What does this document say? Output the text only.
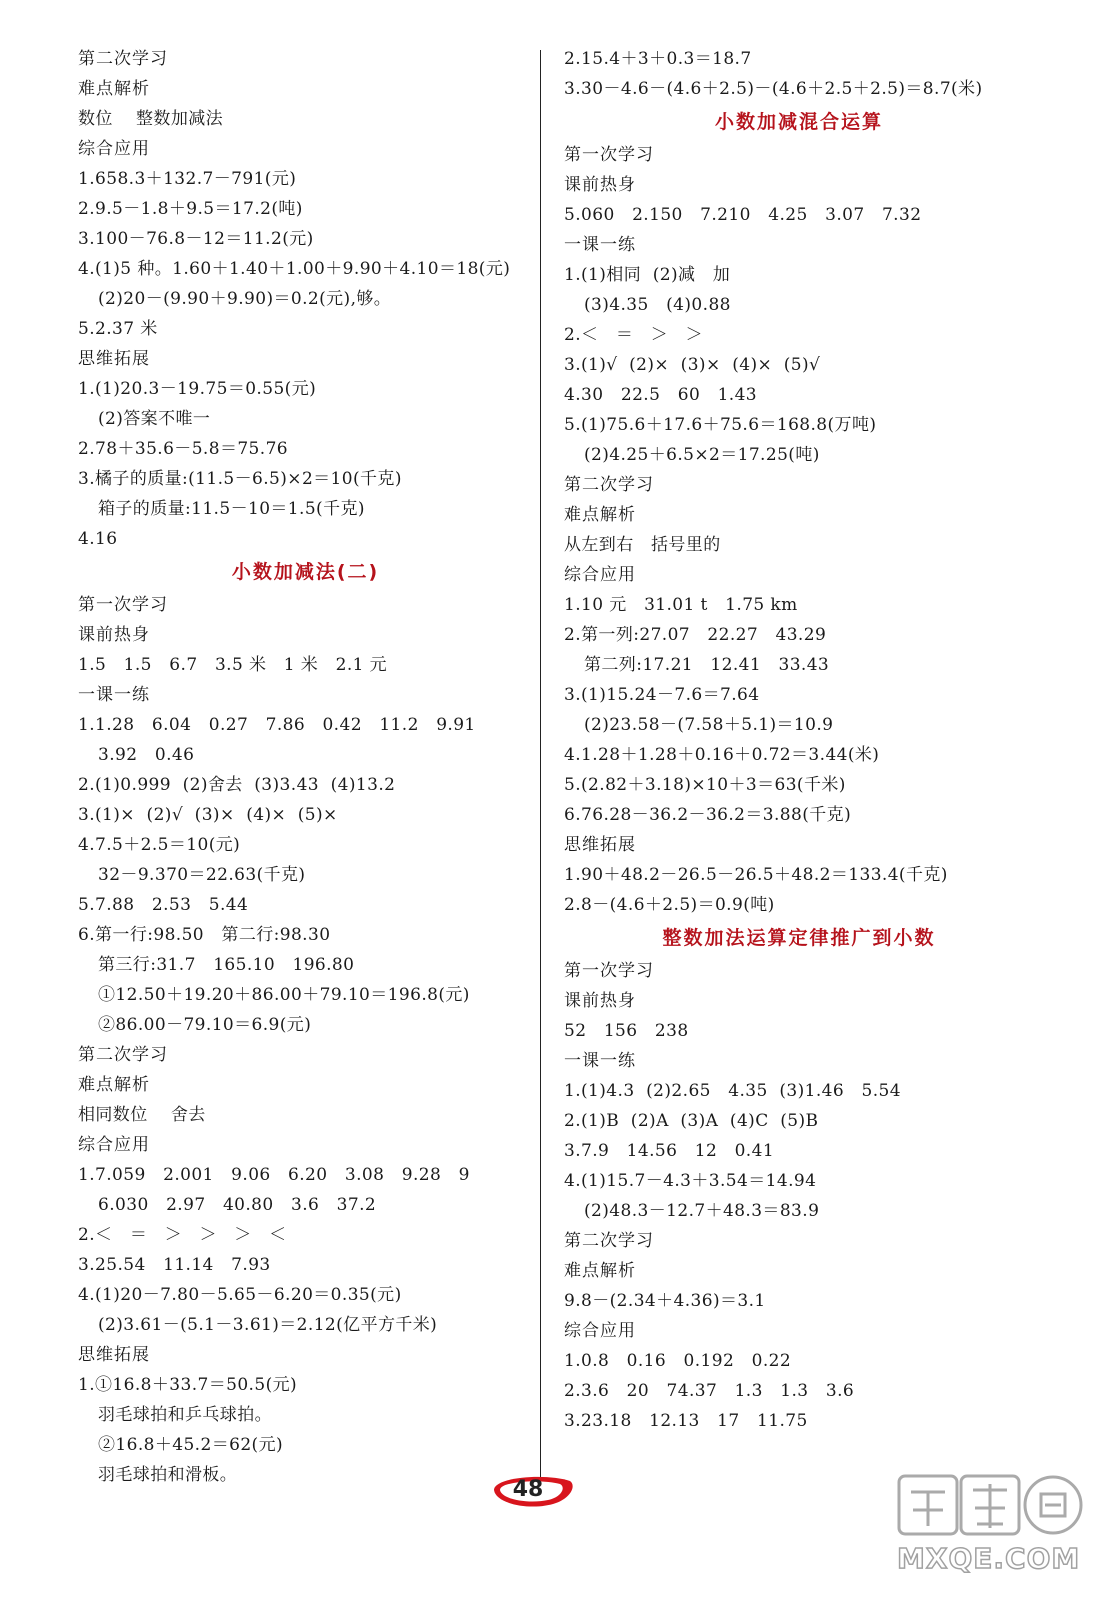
第二次学习
难点解析
数位    整数加减法
综合应用
1.658.3＋132.7－791(元)
2.9.5－1.8＋9.5＝17.2(吨)
3.100－76.8－12＝11.2(元)
4.(1)5 种。1.60＋1.40＋1.00＋9.90＋4.10＝18(元)
(2)20－(9.90＋9.90)＝0.2(元),够。
5.2.37 米
思维拓展
1.(1)20.3－19.75＝0.55(元)
(2)答案不唯一
2.78＋35.6－5.8＝75.76
3.橘子的质量:(11.5－6.5)×2＝10(千克)
箱子的质量:11.5－10＝1.5(千克)
4.16
小数加减法(二)
第一次学习
课前热身
1.5   1.5   6.7   3.5 米   1 米   2.1 元
一课一练
1.1.28   6.04   0.27   7.86   0.42   11.2   9.91
3.92   0.46
2.(1)0.999  (2)舍去  (3)3.43  (4)13.2
3.(1)×  (2)√  (3)×  (4)×  (5)×
4.7.5＋2.5＝10(元)
32－9.370＝22.63(千克)
5.7.88   2.53   5.44
6.第一行:98.50   第二行:98.30
第三行:31.7   165.10   196.80
①12.50＋19.20＋86.00＋79.10＝196.8(元)
②86.00－79.10＝6.9(元)
第二次学习
难点解析
相同数位    舍去
综合应用
1.7.059   2.001   9.06   6.20   3.08   9.28   9
6.030   2.97   40.80   3.6   37.2
2.＜   ＝   ＞   ＞   ＞   ＜
3.25.54   11.14   7.93
4.(1)20－7.80－5.65－6.20＝0.35(元)
(2)3.61－(5.1－3.61)＝2.12(亿平方千米)
思维拓展
1.①16.8＋33.7＝50.5(元)
羽毛球拍和乒乓球拍。
②16.8＋45.2＝62(元)
羽毛球拍和滑板。
2.15.4＋3＋0.3＝18.7
3.30－4.6－(4.6＋2.5)－(4.6＋2.5＋2.5)＝8.7(米)
小数加减混合运算
第一次学习
课前热身
5.060   2.150   7.210   4.25   3.07   7.32
一课一练
1.(1)相同  (2)减   加
(3)4.35   (4)0.88
2.＜   ＝   ＞   ＞
3.(1)√  (2)×  (3)×  (4)×  (5)√
4.30   22.5   60   1.43
5.(1)75.6＋17.6＋75.6＝168.8(万吨)
(2)4.25＋6.5×2＝17.25(吨)
第二次学习
难点解析
从左到右   括号里的
综合应用
1.10 元   31.01 t   1.75 km
2.第一列:27.07   22.27   43.29
第二列:17.21   12.41   33.43
3.(1)15.24－7.6＝7.64
(2)23.58－(7.58＋5.1)＝10.9
4.1.28＋1.28＋0.16＋0.72＝3.44(米)
5.(2.82＋3.18)×10＋3＝63(千米)
6.76.28－36.2－36.2＝3.88(千克)
思维拓展
1.90＋48.2－26.5－26.5＋48.2＝133.4(千克)
2.8－(4.6＋2.5)＝0.9(吨)
整数加法运算定律推广到小数
第一次学习
课前热身
52   156   238
一课一练
1.(1)4.3  (2)2.65   4.35  (3)1.46   5.54
2.(1)B  (2)A  (3)A  (4)C  (5)B
3.7.9   14.56   12   0.41
4.(1)15.7－4.3＋3.54＝14.94
(2)48.3－12.7＋48.3＝83.9
第二次学习
难点解析
9.8－(2.34＋4.36)＝3.1
综合应用
1.0.8   0.16   0.192   0.22
2.3.6   20   74.37   1.3   1.3   3.6
3.23.18   12.13   17   11.75
48
MXQE.COM
